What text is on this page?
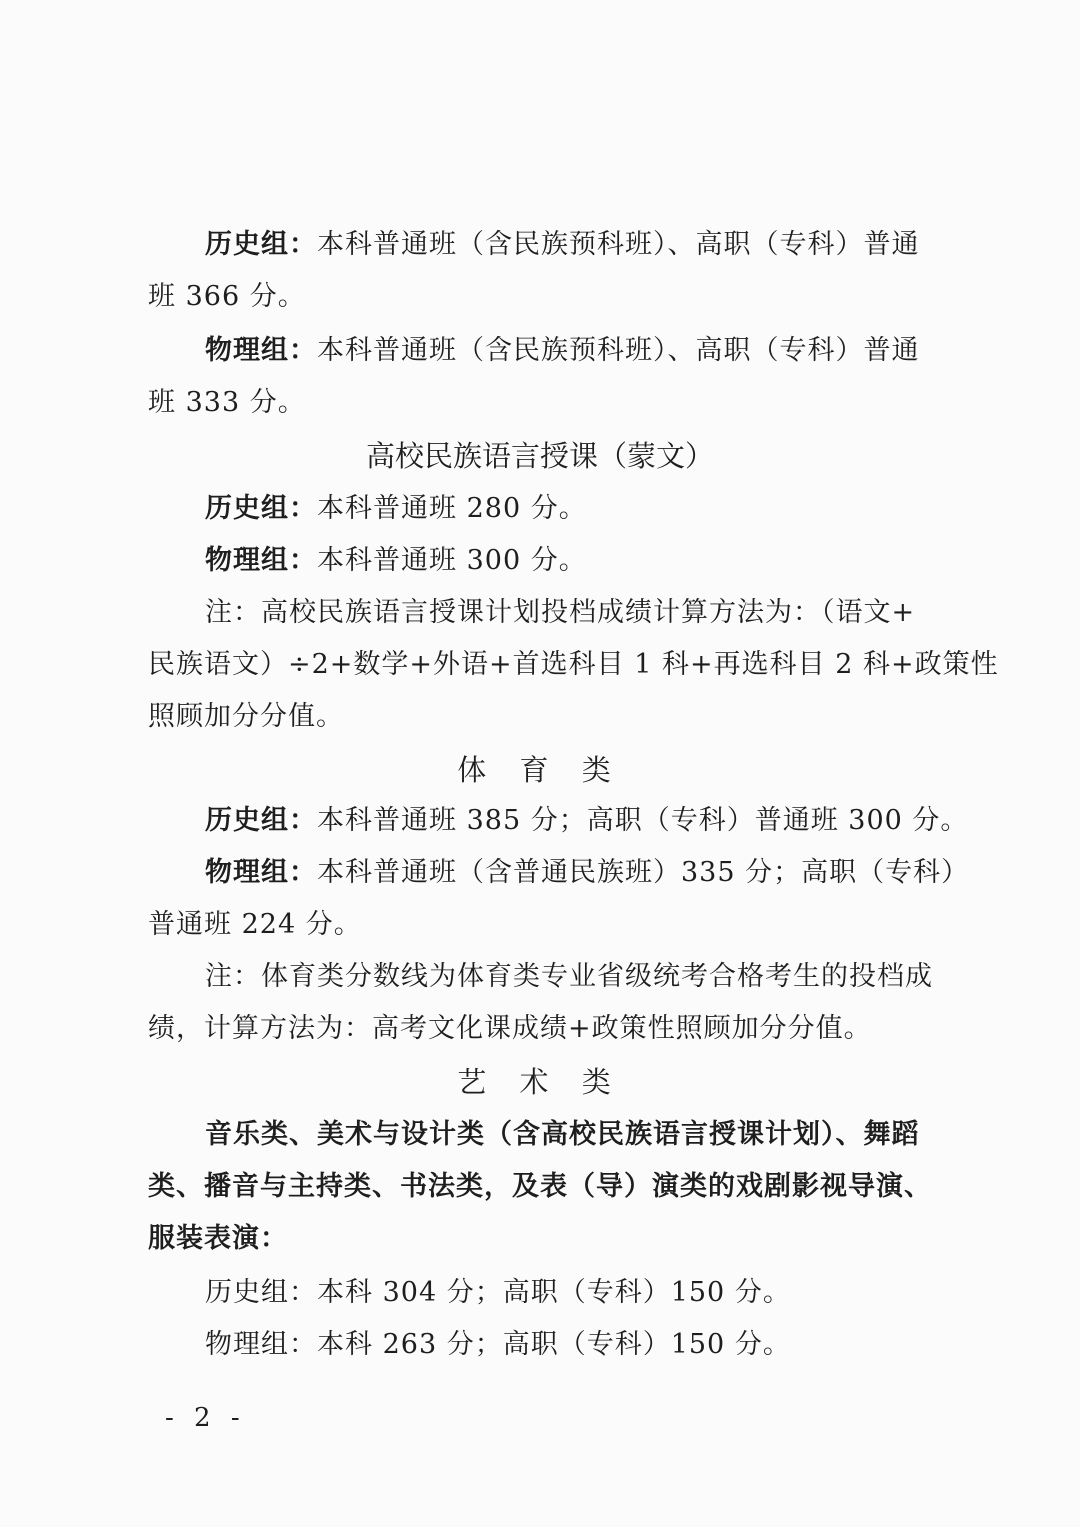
历史组：本科普通班（含民族预科班）、高职（专科）普通
班 366 分。
物理组：本科普通班（含民族预科班）、高职（专科）普通
班 333 分。
高校民族语言授课（蒙文）
历史组：本科普通班 280 分。
物理组：本科普通班 300 分。
注：高校民族语言授课计划投档成绩计算方法为：（语文+
民族语文）÷2+数学+外语+首选科目 1 科+再选科目 2 科+政策性
照顾加分分值。
体 育 类
历史组：本科普通班 385 分；高职（专科）普通班 300 分。
物理组：本科普通班（含普通民族班）335 分；高职（专科）
普通班 224 分。
注：体育类分数线为体育类专业省级统考合格考生的投档成
绩，计算方法为：高考文化课成绩+政策性照顾加分分值。
艺 术 类
音乐类、美术与设计类（含高校民族语言授课计划）、舞蹈
类、播音与主持类、书法类，及表（导）演类的戏剧影视导演、
服装表演：
历史组：本科 304 分；高职（专科）150 分。
物理组：本科 263 分；高职（专科）150 分。
- 2 -
